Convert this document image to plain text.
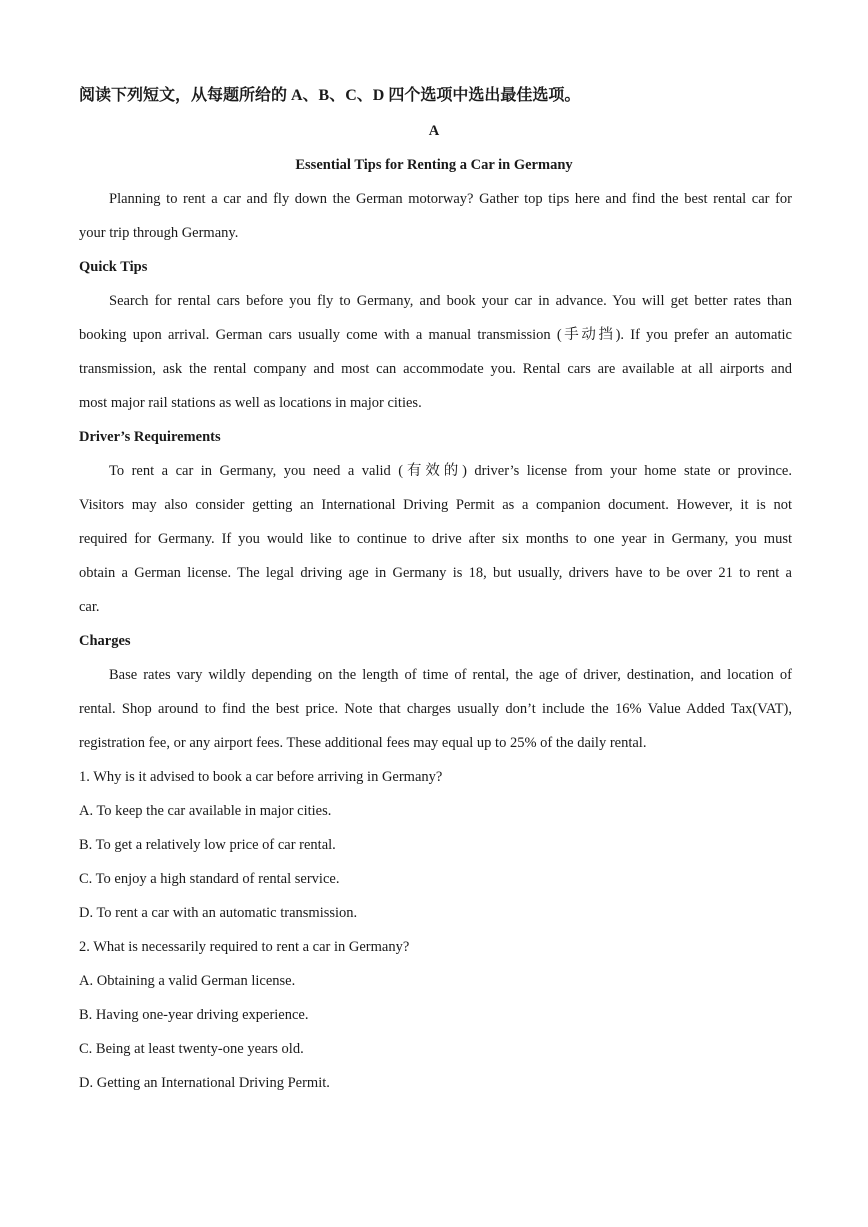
阅读下列短文，从每题所给的 A、B、C、D 四个选项中选出最佳选项。
A
Essential Tips for Renting a Car in Germany
Planning to rent a car and fly down the German motorway? Gather top tips here and find the best rental car for
your trip through Germany.
Quick Tips
Search for rental cars before you fly to Germany, and book your car in advance. You will get better rates than
booking upon arrival. German cars usually come with a manual transmission (手动挡). If you prefer an automatic
transmission, ask the rental company and most can accommodate you. Rental cars are available at all airports and
most major rail stations as well as locations in major cities.
Driver’s Requirements
To rent a car in Germany, you need a valid (有效的) driver’s license from your home state or province.
Visitors may also consider getting an International Driving Permit as a companion document. However, it is not
required for Germany. If you would like to continue to drive after six months to one year in Germany, you must
obtain a German license. The legal driving age in Germany is 18, but usually, drivers have to be over 21 to rent a
car.
Charges
Base rates vary wildly depending on the length of time of rental, the age of driver, destination, and location of
rental. Shop around to find the best price. Note that charges usually don’t include the 16% Value Added Tax(VAT),
registration fee, or any airport fees. These additional fees may equal up to 25% of the daily rental.
1. Why is it advised to book a car before arriving in Germany?
A. To keep the car available in major cities.
B. To get a relatively low price of car rental.
C. To enjoy a high standard of rental service.
D. To rent a car with an automatic transmission.
2. What is necessarily required to rent a car in Germany?
A. Obtaining a valid German license.
B. Having one-year driving experience.
C. Being at least twenty-one years old.
D. Getting an International Driving Permit.
